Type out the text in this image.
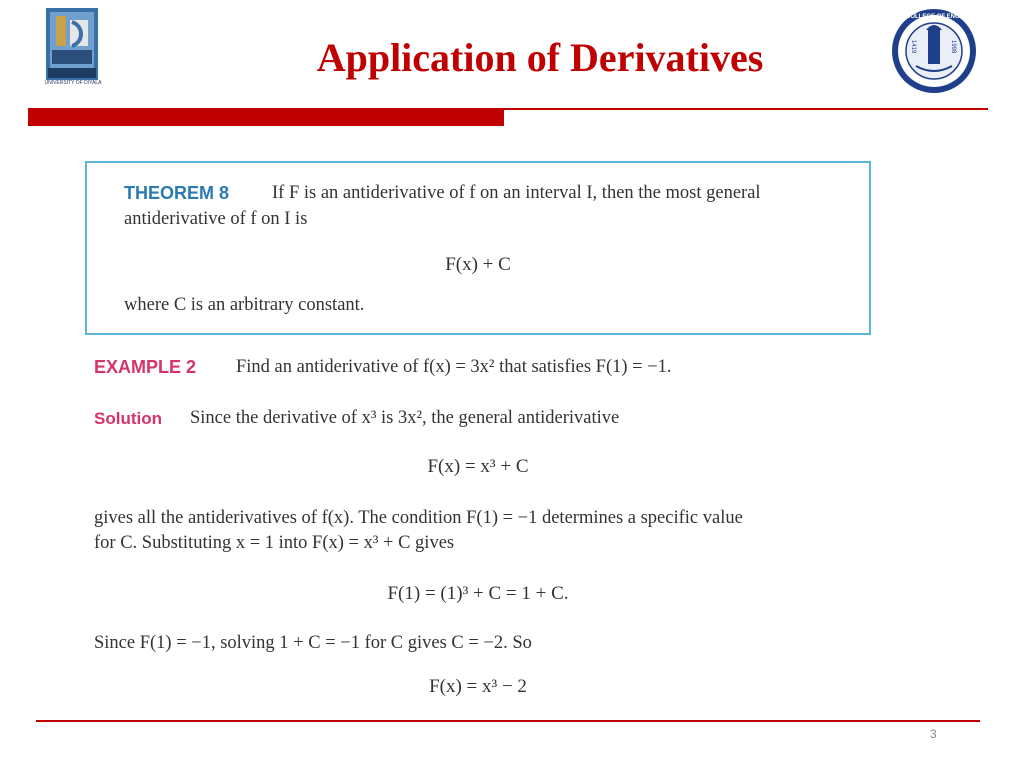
UNIVERSITY OF DIYALA
Application of Derivatives
COLLEGE OF ENGINEERING
1419	1998
THEOREM 8 If F is an antiderivative of f on an interval I, then the most general
antiderivative of f on I is
F(x) + C
where C is an arbitrary constant.
EXAMPLE 2 Find an antiderivative of f(x) = 3x² that satisfies F(1) = −1.
Solution Since the derivative of x³ is 3x², the general antiderivative
F(x) = x³ + C
gives all the antiderivatives of f(x). The condition F(1) = −1 determines a specific value
for C. Substituting x = 1 into F(x) = x³ + C gives
F(1) = (1)³ + C = 1 + C.
Since F(1) = −1, solving 1 + C = −1 for C gives C = −2. So
F(x) = x³ − 2
3
